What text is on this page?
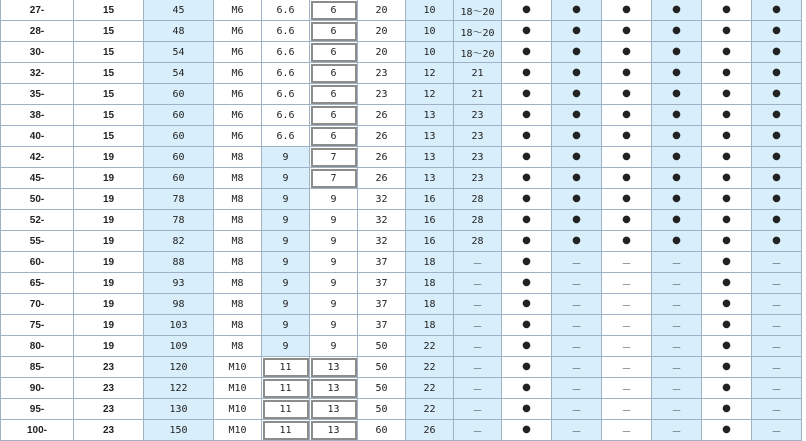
27-	15	45	M6	6.6	6	20	10	18～20	●	●	●	●	●	●
28-	15	48	M6	6.6	6	20	10	18～20	●	●	●	●	●	●
30-	15	54	M6	6.6	6	20	10	18～20	●	●	●	●	●	●
32-	15	54	M6	6.6	6	23	12	21	●	●	●	●	●	●
35-	15	60	M6	6.6	6	23	12	21	●	●	●	●	●	●
38-	15	60	M6	6.6	6	26	13	23	●	●	●	●	●	●
40-	15	60	M6	6.6	6	26	13	23	●	●	●	●	●	●
42-	19	60	M8	9	7	26	13	23	●	●	●	●	●	●
45-	19	60	M8	9	7	26	13	23	●	●	●	●	●	●
50-	19	78	M8	9	9	32	16	28	●	●	●	●	●	●
52-	19	78	M8	9	9	32	16	28	●	●	●	●	●	●
55-	19	82	M8	9	9	32	16	28	●	●	●	●	●	●
60-	19	88	M8	9	9	37	18	－	●	－	－	－	●	－
65-	19	93	M8	9	9	37	18	－	●	－	－	－	●	－
70-	19	98	M8	9	9	37	18	－	●	－	－	－	●	－
75-	19	103	M8	9	9	37	18	－	●	－	－	－	●	－
80-	19	109	M8	9	9	50	22	－	●	－	－	－	●	－
85-	23	120	M10	11	13	50	22	－	●	－	－	－	●	－
90-	23	122	M10	11	13	50	22	－	●	－	－	－	●	－
95-	23	130	M10	11	13	50	22	－	●	－	－	－	●	－
100-	23	150	M10	11	13	60	26	－	●	－	－	－	●	－
